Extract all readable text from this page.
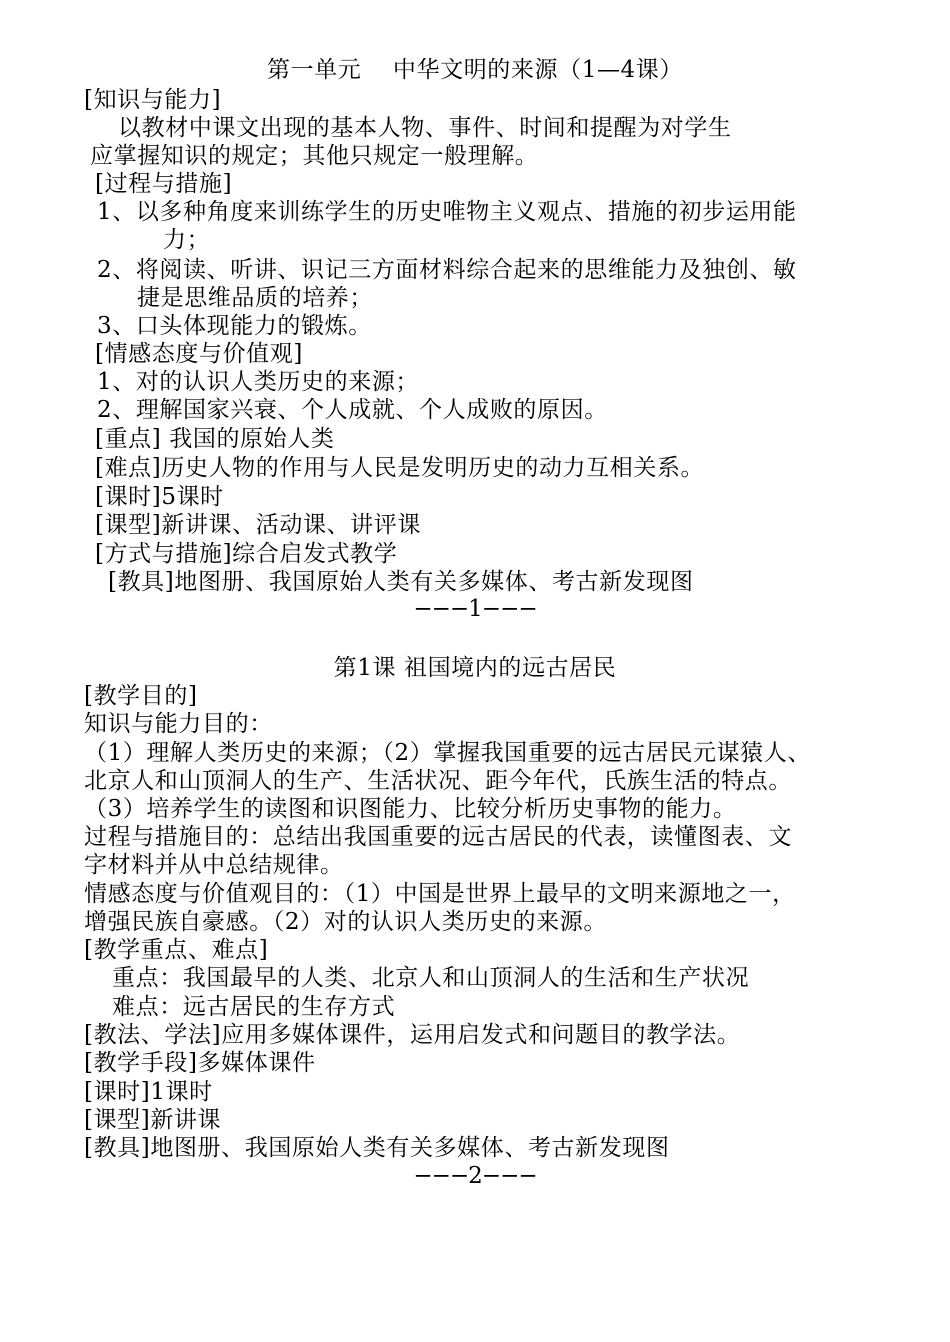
第一单元　 中华文明的来源（1—4课）
[知识与能力]
以教材中课文出现的基本人物、事件、时间和提醒为对学生
应掌握知识的规定；其他只规定一般理解。
[过程与措施]
1、以多种角度来训练学生的历史唯物主义观点、措施的初步运用能
力；
2、将阅读、听讲、识记三方面材料综合起来的思维能力及独创、敏
捷是思维品质的培养；
3、口头体现能力的锻炼。
[情感态度与价值观]
1、对的认识人类历史的来源；
2、理解国家兴衰、个人成就、个人成败的原因。
[重点] 我国的原始人类
[难点]历史人物的作用与人民是发明历史的动力互相关系。
[课时]5课时
[课型]新讲课、活动课、讲评课
[方式与措施]综合启发式教学
[教具]地图册、我国原始人类有关多媒体、考古新发现图
−−−1−−−
第1课 祖国境内的远古居民
[教学目的]
知识与能力目的：
（1）理解人类历史的来源；（2）掌握我国重要的远古居民元谋猿人、
北京人和山顶洞人的生产、生活状况、距今年代，氏族生活的特点。
（3）培养学生的读图和识图能力、比较分析历史事物的能力。
过程与措施目的：总结出我国重要的远古居民的代表，读懂图表、文
字材料并从中总结规律。
情感态度与价值观目的：（1）中国是世界上最早的文明来源地之一，
增强民族自豪感。（2）对的认识人类历史的来源。
[教学重点、难点]
重点：我国最早的人类、北京人和山顶洞人的生活和生产状况
难点：远古居民的生存方式
[教法、学法]应用多媒体课件，运用启发式和问题目的教学法。
[教学手段]多媒体课件
[课时]1课时
[课型]新讲课
[教具]地图册、我国原始人类有关多媒体、考古新发现图
−−−2−−−
